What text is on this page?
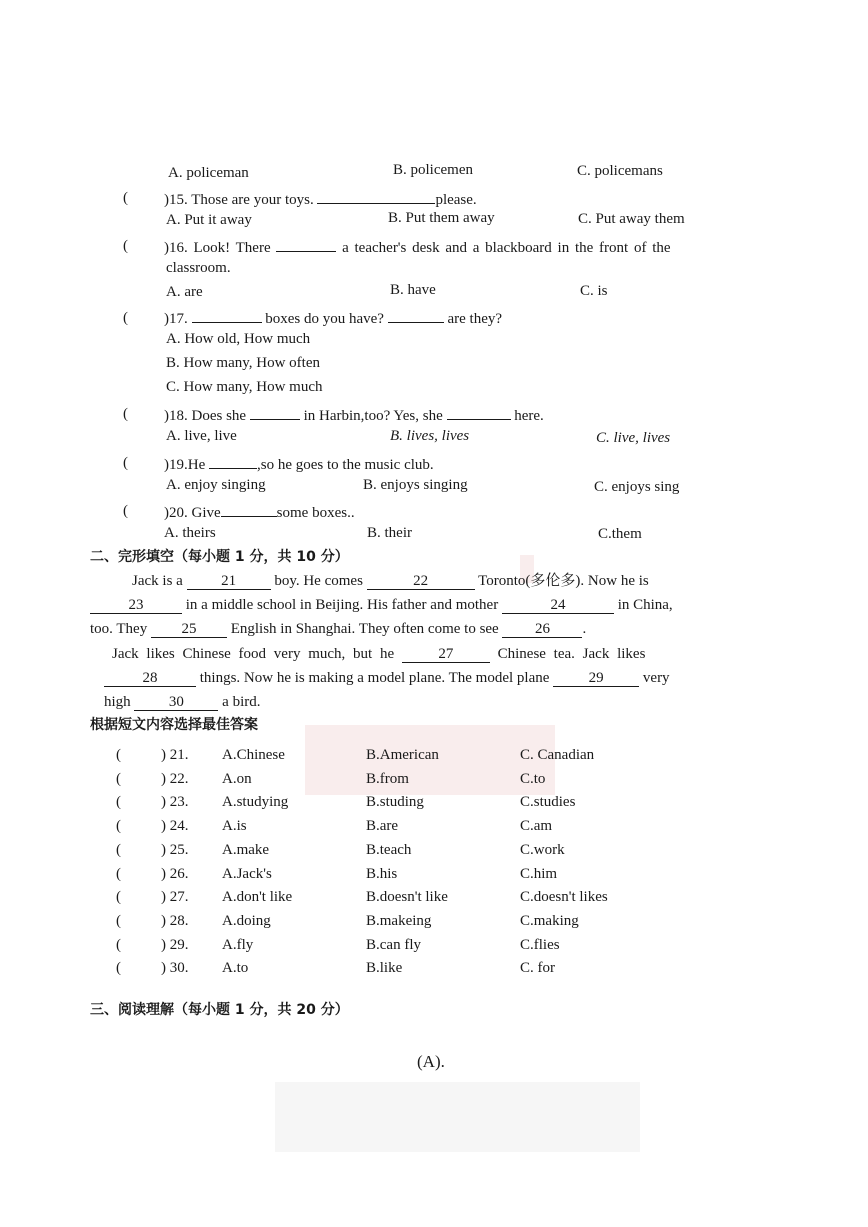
A. policeman	B. policemen	C. policemans
( )15. Those are your toys.	please.
A. Put it away	B. Put them away	C. Put away them
( )16. Look! There	a teacher's desk and a blackboard in the front of the
classroom.
A. are	B. have	C. is
( )17.	boxes do you have?	are they?
A. How old, How much
B. How many, How often
C. How many, How much
( )18. Does she	in Harbin,too? Yes, she	here.
A. live, live	B. lives, lives	C. live, lives
( )19.He	,so he goes to the music club.
A. enjoy singing	B. enjoys singing	C. enjoys sing
( )20. Give	some boxes..
A. theirs	B. their	C.them
二、完形填空（每小题 1 分，共 10 分）
Jack is a	21	boy. He comes	22	Toronto(多伦多). Now he is
23	in a middle school in Beijing. His father and mother	24	in China,
too. They 25 English in Shanghai. They often come to see 26 .
Jack likes Chinese food very much, but he	27	Chinese tea. Jack likes
28	things. Now he is making a model plane. The model plane	29	very
high	30	a bird.
根据短文内容选择最佳答案
(	) 21. A.Chinese	B.American	C. Canadian
(	) 22. A.on	B.from	C.to
(	) 23. A.studying	B.studing	C.studies
(	) 24. A.is	B.are	C.am
(	) 25. A.make	B.teach	C.work
(	) 26. A.Jack's	B.his	C.him
(	) 27. A.don't like	B.doesn't like	C.doesn't likes
(	) 28. A.doing	B.makeing	C.making
(	) 29. A.fly	B.can fly	C.flies
(	) 30. A.to	B.like	C. for
三、阅读理解（每小题 1 分，共 20 分）
(A).
